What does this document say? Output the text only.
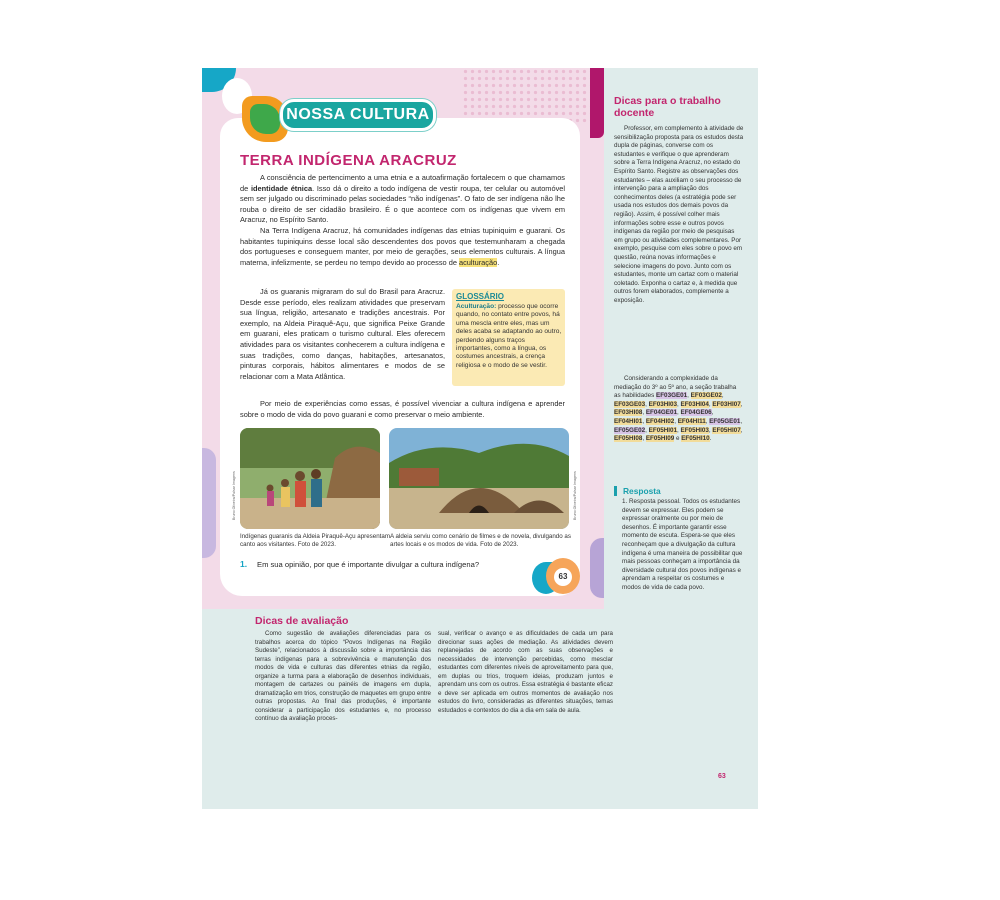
NOSSA CULTURA
TERRA INDÍGENA ARACRUZ
A consciência de pertencimento a uma etnia e a autoafirmação fortalecem o que chamamos de identidade étnica. Isso dá o direito a todo indígena de vestir roupa, ter celular ou automóvel sem ser julgado ou discriminado pelas sociedades “não indígenas”. O fato de ser indígena não lhe rouba o direito de ser cidadão brasileiro. É o que acontece com os indígenas que vivem em Aracruz, no Espírito Santo.
Na Terra Indígena Aracruz, há comunidades indígenas das etnias tupiniquim e guarani. Os habitantes tupiniquins desse local são descendentes dos povos que testemunharam a chegada dos portugueses e conseguem manter, por meio de gerações, seus elementos culturais. A língua materna, infelizmente, se perdeu no tempo devido ao processo de aculturação.
Já os guaranis migraram do sul do Brasil para Aracruz. Desde esse período, eles realizam atividades que preservam sua língua, religião, artesanato e tradições ancestrais. Por exemplo, na Aldeia Piraquê-Açu, que significa Peixe Grande em guarani, eles praticam o turismo cultural. Eles oferecem atividades para os visitantes conhecerem a cultura indígena e suas tradições, como danças, habitações, artesanatos, pinturas corporais, hábitos alimentares e modos de se relacionar com a Mata Atlântica.
GLOSSÁRIO
Aculturação: processo que ocorre quando, no contato entre povos, há uma mescla entre eles, mas um deles acaba se adaptando ao outro, perdendo alguns traços importantes, como a língua, os costumes ancestrais, a crença religiosa e o modo de se vestir.
Por meio de experiências como essas, é possível vivenciar a cultura indígena e aprender sobre o modo de vida do povo guarani e como preservar o meio ambiente.
Bruno Oliveira/Pulsar Imagens
Indígenas guaranis da Aldeia Piraquê-Açu apresentam canto aos visitantes. Foto de 2023.
Bruno Oliveira/Pulsar Imagens
A aldeia serviu como cenário de filmes e de novela, divulgando as artes locais e os modos de vida. Foto de 2023.
1. Em sua opinião, por que é importante divulgar a cultura indígena?
63
Dicas para o trabalho docente
Professor, em complemento à atividade de sensibilização proposta para os estudos desta dupla de páginas, converse com os estudantes e verifique o que aprenderam sobre a Terra Indígena Aracruz, no estado do Espírito Santo. Registre as observações dos estudantes – elas auxiliam o seu processo de intervenção para a ampliação dos conhecimentos deles (a estratégia pode ser usada nos estudos dos demais povos da região). Assim, é possível colher mais informações sobre esse e outros povos indígenas da região por meio de pesquisas em grupo ou atividades complementares. Por exemplo, pesquise com eles sobre o povo em questão, reúna novas informações e selecione imagens do povo. Junto com os estudantes, monte um cartaz com o material coletado. Exponha o cartaz e, à medida que outros forem elaborados, complemente a exposição.
Considerando a complexidade da mediação do 3º ao 5º ano, a seção trabalha as habilidades EF03GE01, EF03GE02, EF03GE03, EF03HI03, EF03HI04, EF03HI07, EF03HI08, EF04GE01, EF04GE06, EF04HI01, EF04HI02, EF04HI11, EF05GE01, EF05GE02, EF05HI01, EF05HI03, EF05HI07, EF05HI08, EF05HI09 e EF05HI10.
Resposta
1. Resposta pessoal. Todos os estudantes devem se expressar. Eles podem se expressar oralmente ou por meio de desenhos. É importante garantir esse momento de escuta. Espera-se que eles reconheçam que a divulgação da cultura indígena é uma maneira de possibilitar que mais pessoas conheçam a importância da diversidade cultural dos povos indígenas e aprendam a respeitar os costumes e modos de vida de cada povo.
Dicas de avaliação
Como sugestão de avaliações diferenciadas para os trabalhos acerca do tópico “Povos Indígenas na Região Sudeste”, relacionados à discussão sobre a importância das terras indígenas para a sobrevivência e manutenção dos modos de vida e culturas das diferentes etnias da região, organize a turma para a elaboração de desenhos individuais, montagem de cartazes ou painéis de imagens em dupla, dramatização em trios, construção de maquetes em grupo entre outras propostas. Ao final das produções, é importante considerar a participação dos estudantes e, no processo contínuo da avaliação proces-
sual, verificar o avanço e as dificuldades de cada um para direcionar suas ações de mediação. As atividades devem replanejadas de acordo com as suas observações e necessidades de intervenção percebidas, como mesclar estudantes com diferentes níveis de aproveitamento para que, em duplas ou trios, troquem ideias, produzam juntos e aprendam uns com os outros. Essa estratégia é bastante eficaz e deve ser aplicada em outros momentos de avaliação nos estudos do livro, consideradas as diferentes situações, temas estudados e contextos do dia a dia em sala de aula.
63
